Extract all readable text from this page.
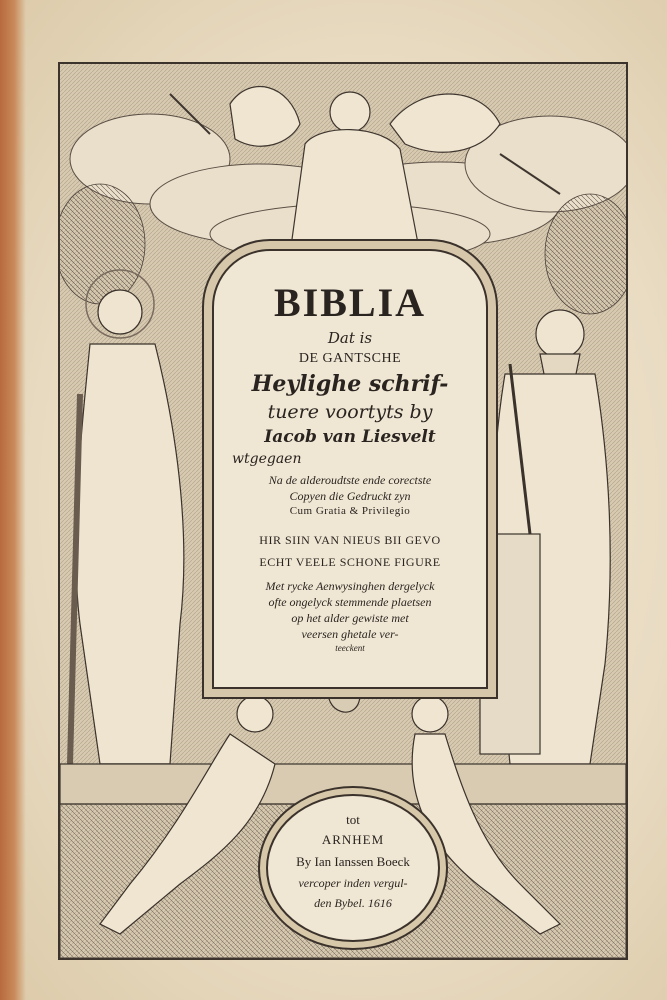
BIBLIA
Dat is
DE GANTSCHE
Heylighe schrif-
tuere voortyts by
Iacob van Liesvelt
wtgegaen
Na de alderoudtste ende corectste
Copyen die Gedruckt zyn
Cum Gratia & Privilegio
HIR SIIN VAN NIEUS BII GEVO
ECHT VEELE SCHONE FIGURE
Met rycke Aenwysinghen dergelyck
ofte ongelyck stemmende plaetsen
op het alder gewiste met
veersen ghetale ver-
teeckent
tot
ARNHEM
By Ian Ianssen Boeck
vercoper inden vergul-
den Bybel. 1616
